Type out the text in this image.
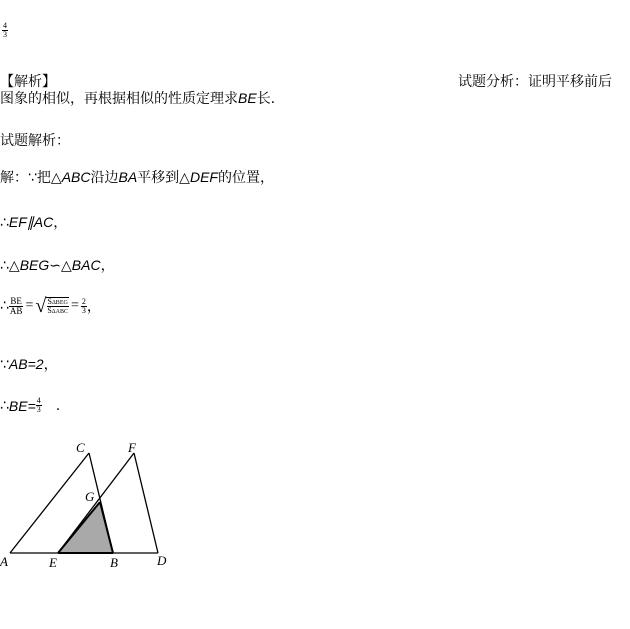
$\frac{4}{3}$
【解析】	试题分析：证明平移前后
图象的相似，再根据相似的性质定理求BE长.
试题解析：
解：∵把△ABC沿边BA平移到△DEF的位置，
∴EF∥AC，
∴△BEG∽△BAC，
∴ $\frac{BE}{AB}$ = √ $\frac{\text{SΔBEG}}{\text{SΔABC}} = \frac{2}{3}$ ，
∵AB=2，
∴ $BE= \frac{4}{3}$ .
A	E	B	D
C	F
G
